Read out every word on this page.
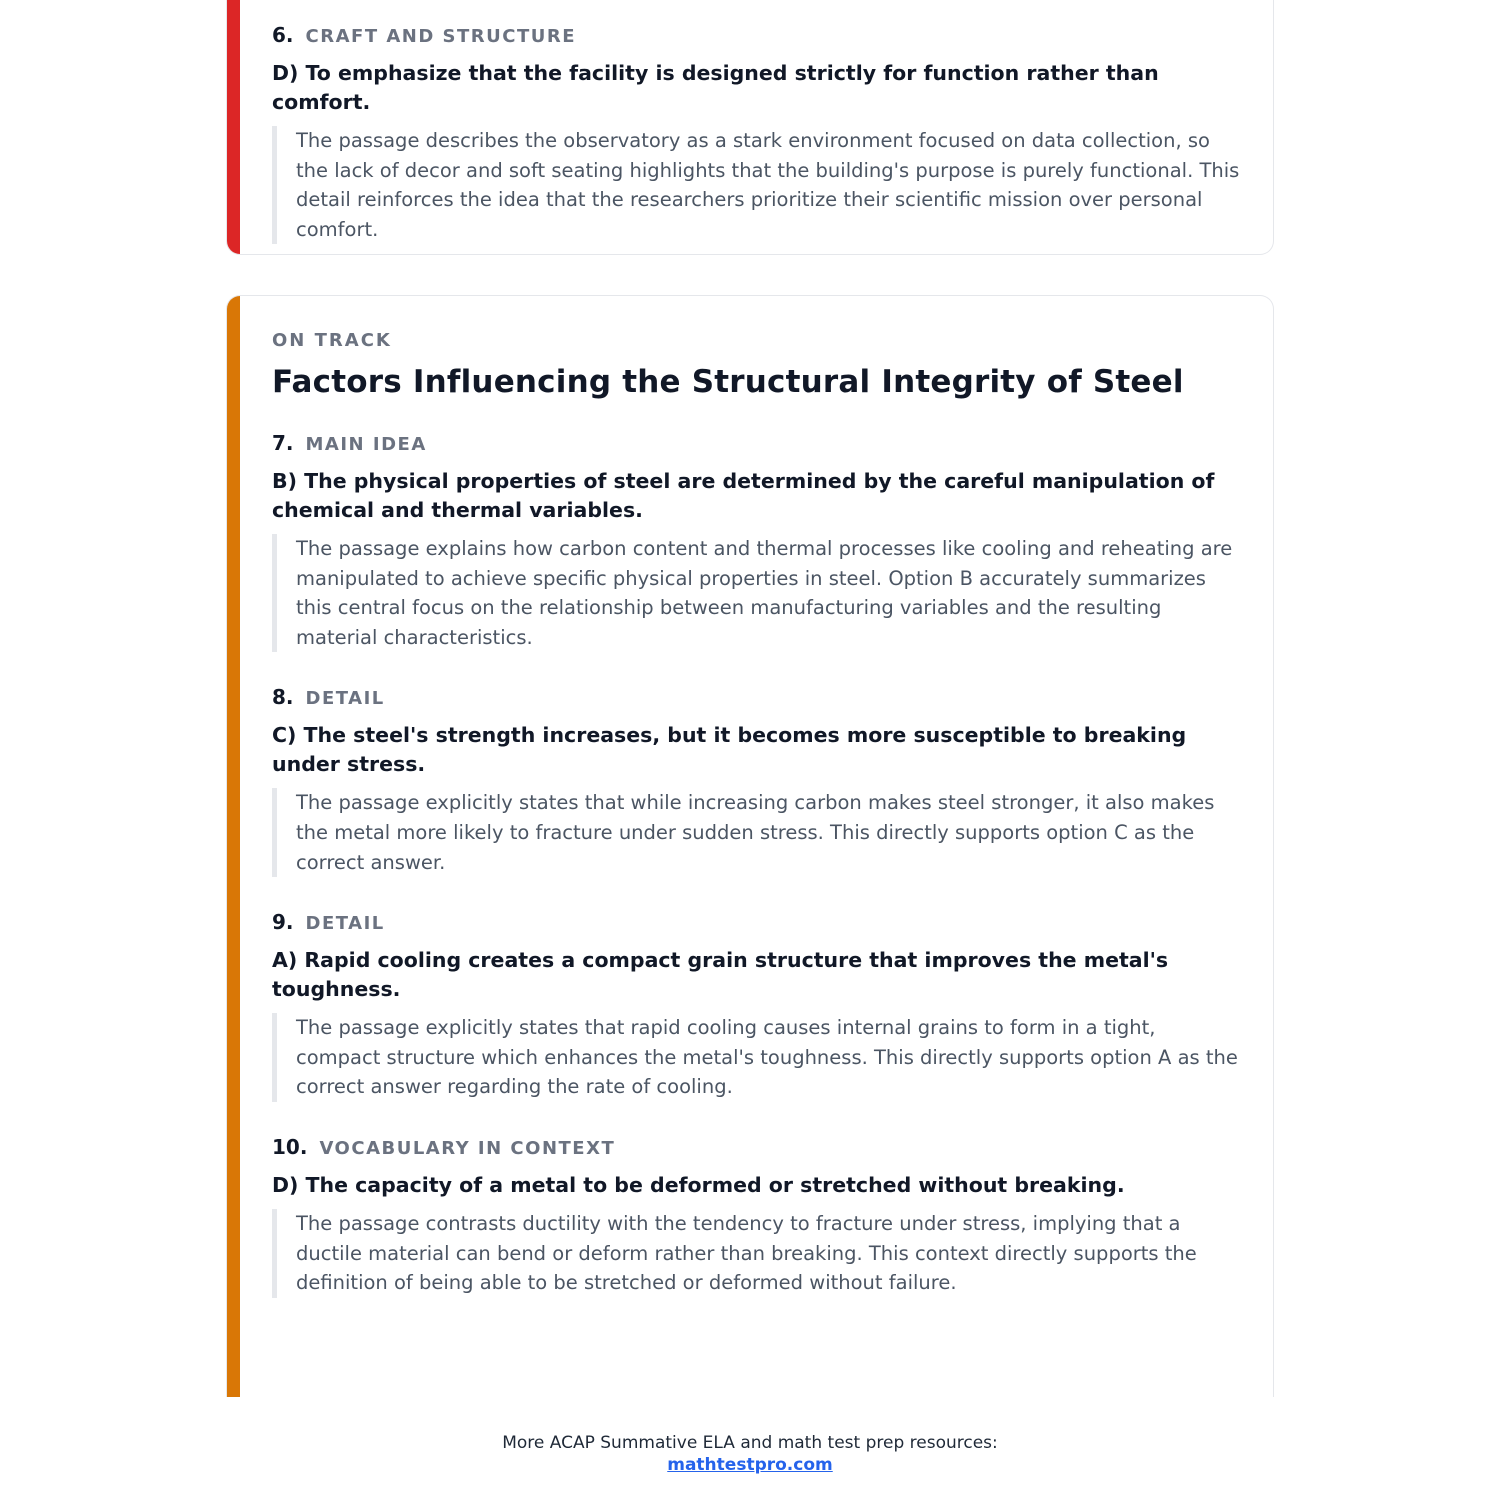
6. CRAFT AND STRUCTURE
D) To emphasize that the facility is designed strictly for function rather than comfort.
The passage describes the observatory as a stark environment focused on data collection, so the lack of decor and soft seating highlights that the building's purpose is purely functional. This detail reinforces the idea that the researchers prioritize their scientific mission over personal comfort.
ON TRACK
Factors Influencing the Structural Integrity of Steel
7. MAIN IDEA
B) The physical properties of steel are determined by the careful manipulation of chemical and thermal variables.
The passage explains how carbon content and thermal processes like cooling and reheating are manipulated to achieve specific physical properties in steel. Option B accurately summarizes this central focus on the relationship between manufacturing variables and the resulting material characteristics.
8. DETAIL
C) The steel's strength increases, but it becomes more susceptible to breaking under stress.
The passage explicitly states that while increasing carbon makes steel stronger, it also makes the metal more likely to fracture under sudden stress. This directly supports option C as the correct answer.
9. DETAIL
A) Rapid cooling creates a compact grain structure that improves the metal's toughness.
The passage explicitly states that rapid cooling causes internal grains to form in a tight, compact structure which enhances the metal's toughness. This directly supports option A as the correct answer regarding the rate of cooling.
10. VOCABULARY IN CONTEXT
D) The capacity of a metal to be deformed or stretched without breaking.
The passage contrasts ductility with the tendency to fracture under stress, implying that a ductile material can bend or deform rather than breaking. This context directly supports the definition of being able to be stretched or deformed without failure.
More ACAP Summative ELA and math test prep resources:
mathtestpro.com
